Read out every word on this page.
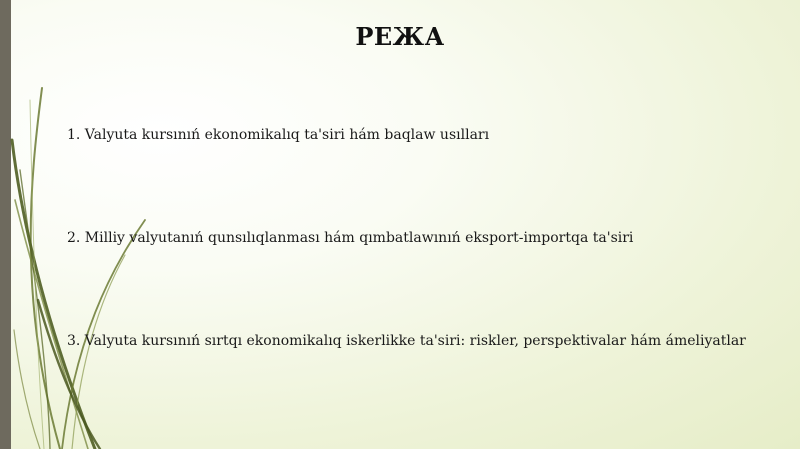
РЕЖА

1. Valyuta kursınıń ekonomikalıq ta'siri hám baqlaw usılları

2. Milliy valyutanıń qunsılıqlanması hám qımbatlawınıń eksport-importqa ta'siri

3. Valyuta kursınıń sırtqı ekonomikalıq iskerlikke ta'siri: riskler, perspektivalar hám ámeliyatlar
